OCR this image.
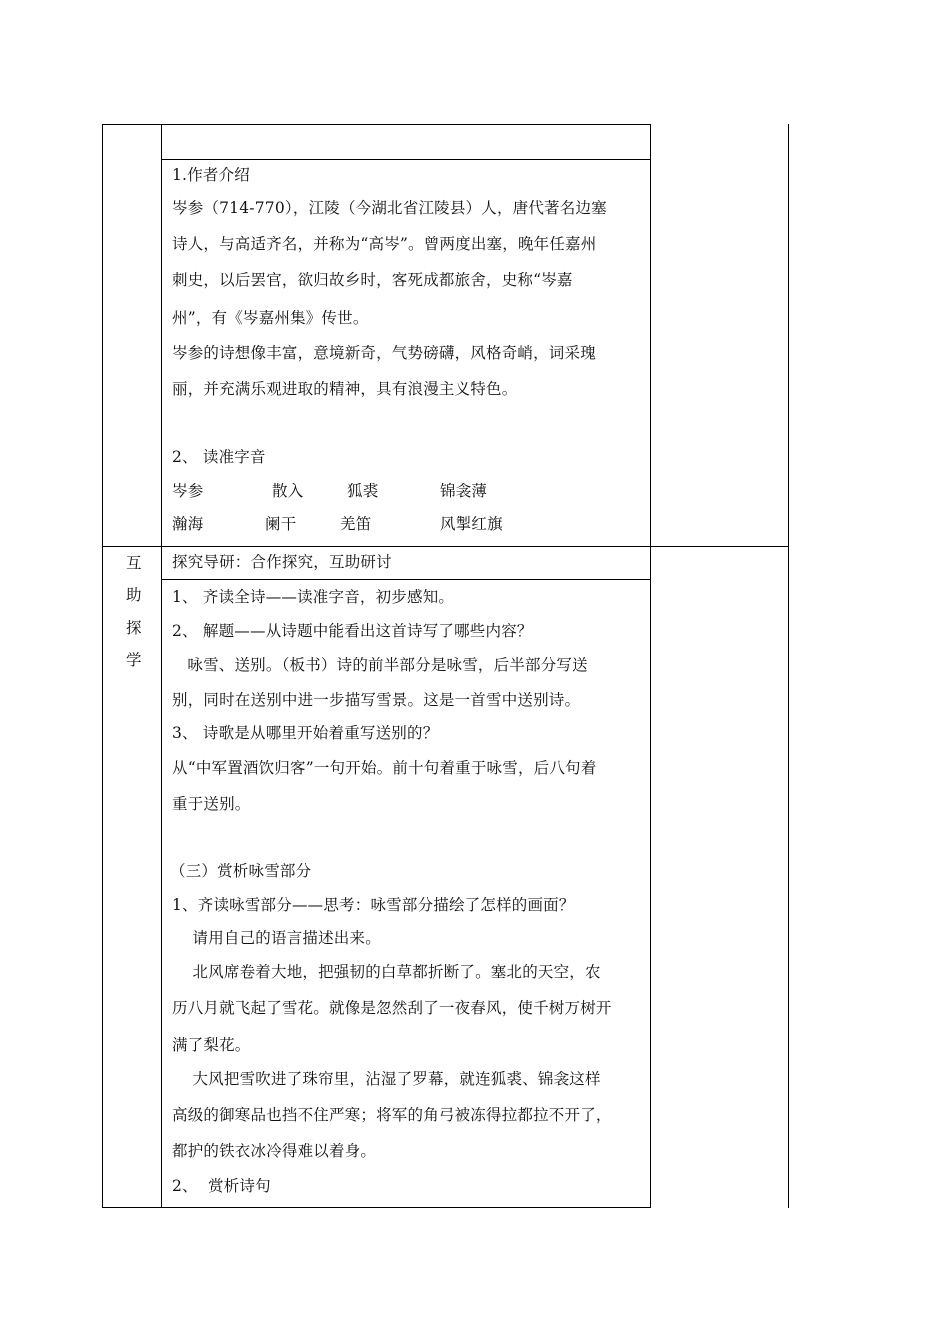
互
助
探
学
1.作者介绍
岑参（714-770），江陵（今湖北省江陵县）人，唐代著名边塞
诗人，与高适齐名，并称为“高岑”。曾两度出塞，晚年任嘉州
刺史，以后罢官，欲归故乡时，客死成都旅舍，史称“岑嘉
州”，有《岑嘉州集》传世。
岑参的诗想像丰富，意境新奇，气势磅礴，风格奇峭，词采瑰
丽，并充满乐观进取的精神，具有浪漫主义特色。
2、 读准字音
岑参	散入	狐裘	锦衾薄
瀚海	阑干	羌笛	风掣红旗
探究导研：合作探究，互助研讨
1、 齐读全诗——读准字音，初步感知。
2、 解题——从诗题中能看出这首诗写了哪些内容？
咏雪、送别。（板书）诗的前半部分是咏雪，后半部分写送
别，同时在送别中进一步描写雪景。这是一首雪中送别诗。
3、 诗歌是从哪里开始着重写送别的？
从“中军置酒饮归客”一句开始。前十句着重于咏雪，后八句着
重于送别。
（三）赏析咏雪部分
1、齐读咏雪部分——思考：咏雪部分描绘了怎样的画面？
请用自己的语言描述出来。
北风席卷着大地，把强韧的白草都折断了。塞北的天空，农
历八月就飞起了雪花。就像是忽然刮了一夜春风，使千树万树开
满了梨花。
大风把雪吹进了珠帘里，沾湿了罗幕，就连狐裘、锦衾这样
高级的御寒品也挡不住严寒；将军的角弓被冻得拉都拉不开了，
都护的铁衣冰冷得难以着身。
2、  赏析诗句
